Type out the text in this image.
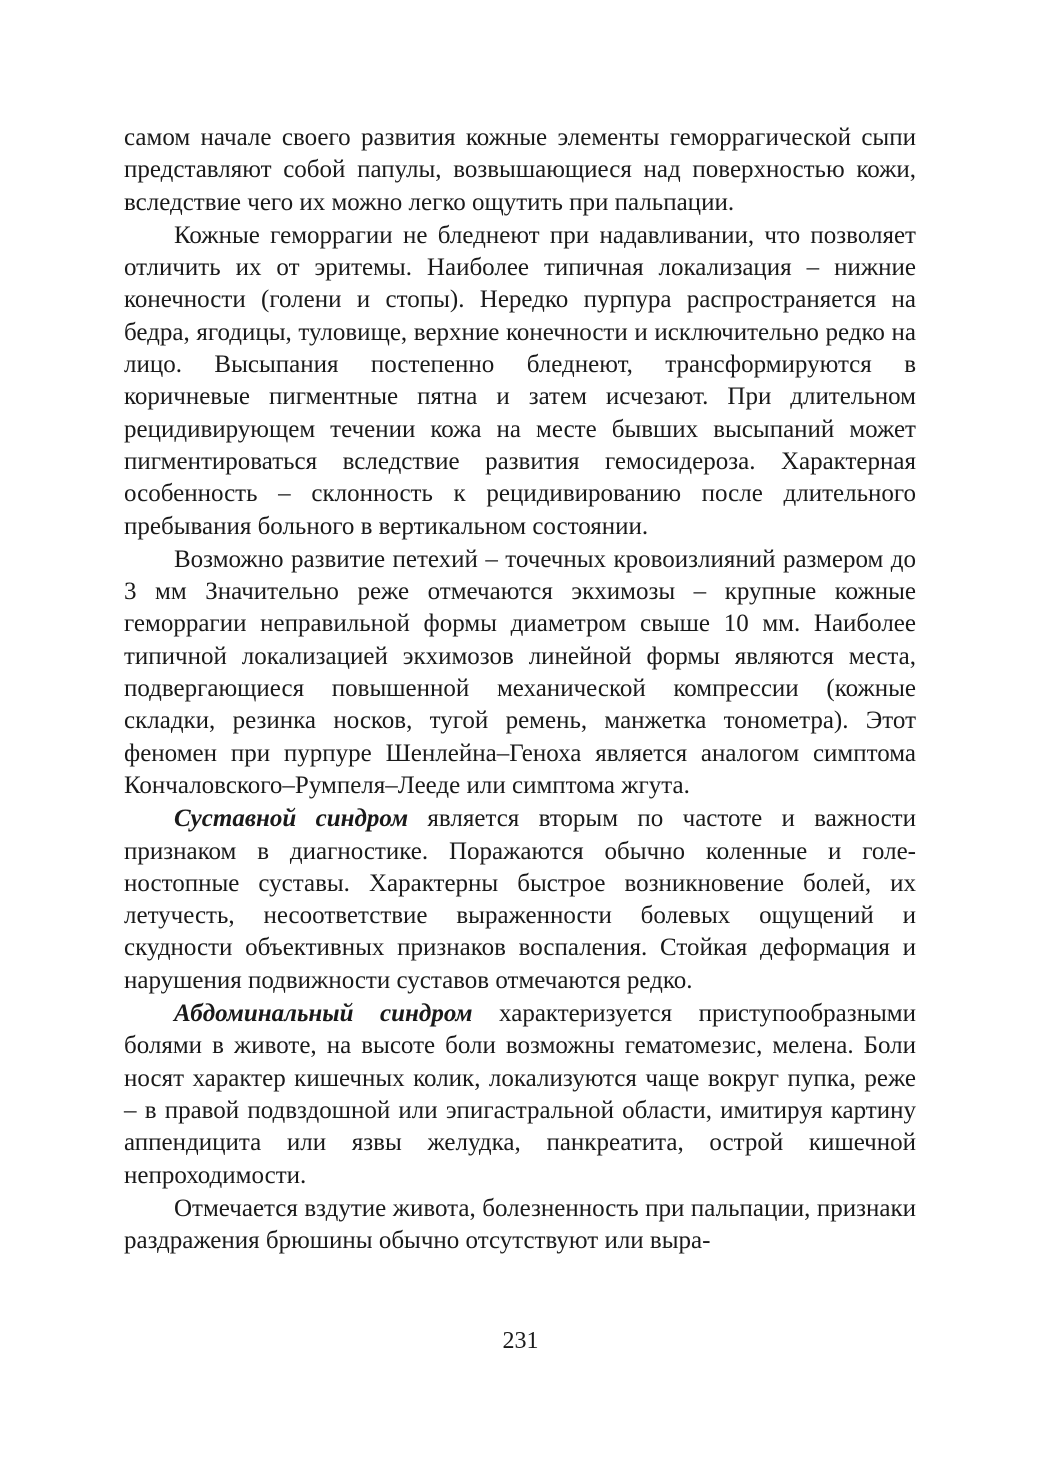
самом начале своего развития кожные элементы геморрагической сыпи представляют собой папулы, возвышающиеся над поверхностью кожи, вследствие чего их можно легко ощутить при пальпации.

Кожные геморрагии не бледнеют при надавливании, что позволяет отличить их от эритемы. Наиболее типичная локализация – нижние конечности (голени и стопы). Нередко пурпура распространяется на бедра, ягодицы, туловище, верхние конечности и исключительно редко на лицо. Высыпания постепенно бледнеют, трансформируются в коричневые пигментные пятна и затем исчезают. При длительном рецидивирующем течении кожа на месте бывших высыпаний может пигментироваться вследствие развития гемосидероза. Характерная особенность – склонность к рецидивированию после длительного пребывания больного в вертикальном состоянии.

Возможно развитие петехий – точечных кровоизлияний размером до 3 мм Значительно реже отмечаются экхимозы – крупные кожные геморрагии неправильной формы диаметром свыше 10 мм. Наиболее типичной локализацией экхимозов линейной формы являются места, подвергающиеся повышенной механической компрессии (кожные складки, резинка носков, тугой ремень, манжетка тонометра). Этот феномен при пурпуре Шенлейна–Геноха является аналогом симптома Кончаловского–Румпеля–Лееде или симптома жгута.

Суставной синдром является вторым по частоте и важности признаком в диагностике. Поражаются обычно коленные и голеностопные суставы. Характерны быстрое возникновение болей, их летучесть, несоответствие выраженности болевых ощущений и скудности объективных признаков воспаления. Стойкая деформация и нарушения подвижности суставов отмечаются редко.

Абдоминальный синдром характеризуется приступообразными болями в животе, на высоте боли возможны гематомезис, мелена. Боли носят характер кишечных колик, локализуются чаще вокруг пупка, реже – в правой подвздошной или эпигастральной области, имитируя картину аппендицита или язвы желудка, панкреатита, острой кишечной непроходимости.

Отмечается вздутие живота, болезненность при пальпации, признаки раздражения брюшины обычно отсутствуют или выра-

231
